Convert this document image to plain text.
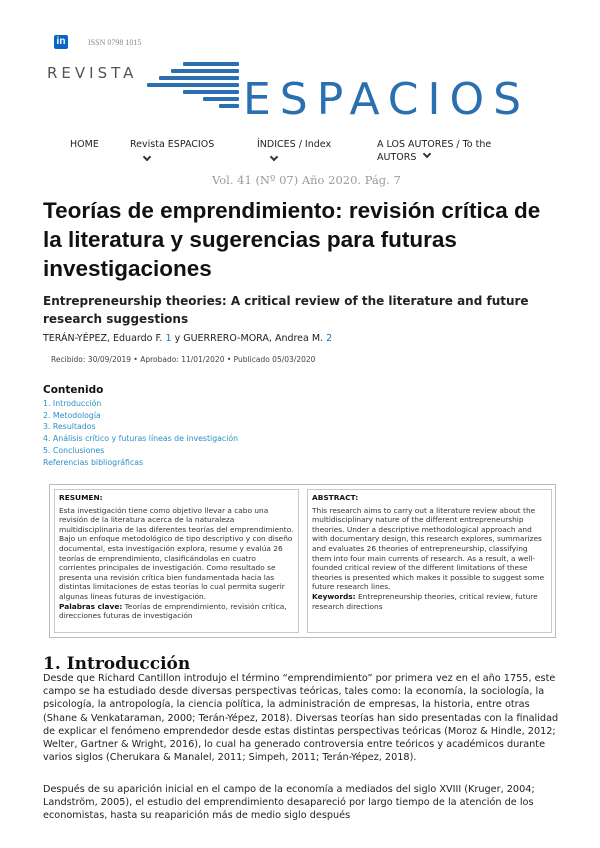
in	ISSN 0798 1015
REVISTA
ESPACIOS
HOME	Revista ESPACIOS	ÍNDICES / Index	A LOS AUTORES / To the
AUTORS
Vol. 41 (Nº 07) Año 2020. Pág. 7
Teorías de emprendimiento: revisión crítica de la literatura y sugerencias para futuras investigaciones
Entrepreneurship theories: A critical review of the literature and future research suggestions
TERÁN-YÉPEZ, Eduardo F. 1 y GUERRERO-MORA, Andrea M. 2
Recibido: 30/09/2019 • Aprobado: 11/01/2020 • Publicado 05/03/2020
Contenido
1. Introducción
2. Metodología
3. Resultados
4. Análisis crítico y futuras líneas de investigación
5. Conclusiones
Referencias bibliográficas
RESUMEN:
Esta investigación tiene como objetivo llevar a cabo una revisión de la literatura acerca de la naturaleza multidisciplinaria de las diferentes teorías del emprendimiento. Bajo un enfoque metodológico de tipo descriptivo y con diseño documental, esta investigación explora, resume y evalúa 26 teorías de emprendimiento, clasificándolas en cuatro corrientes principales de investigación. Como resultado se presenta una revisión crítica bien fundamentada hacia las distintas limitaciones de estas teorías lo cual permita sugerir algunas líneas futuras de investigación.
Palabras clave: Teorías de emprendimiento, revisión crítica, direcciones futuras de investigación
ABSTRACT:
This research aims to carry out a literature review about the multidisciplinary nature of the different entrepreneurship theories. Under a descriptive methodological approach and with documentary design, this research explores, summarizes and evaluates 26 theories of entrepreneurship, classifying them into four main currents of research. As a result, a well-founded critical review of the different limitations of these theories is presented which makes it possible to suggest some future research lines.
Keywords: Entrepreneurship theories, critical review, future research directions
1. Introducción

Desde que Richard Cantillon introdujo el término “emprendimiento” por primera vez en el año 1755, este campo se ha estudiado desde diversas perspectivas teóricas, tales como: la economía, la sociología, la psicología, la antropología, la ciencia política, la administración de empresas, la historia, entre otras (Shane & Venkataraman, 2000; Terán-Yépez, 2018). Diversas teorías han sido presentadas con la finalidad de explicar el fenómeno emprendedor desde estas distintas perspectivas teóricas (Moroz & Hindle, 2012; Welter, Gartner & Wright, 2016), lo cual ha generado controversia entre teóricos y académicos durante varios siglos (Cherukara & Manalel, 2011; Simpeh, 2011; Terán-Yépez, 2018).

Después de su aparición inicial en el campo de la economía a mediados del siglo XVIII (Kruger, 2004; Landström, 2005), el estudio del emprendimiento desapareció por largo tiempo de la atención de los economistas, hasta su reaparición más de medio siglo después
